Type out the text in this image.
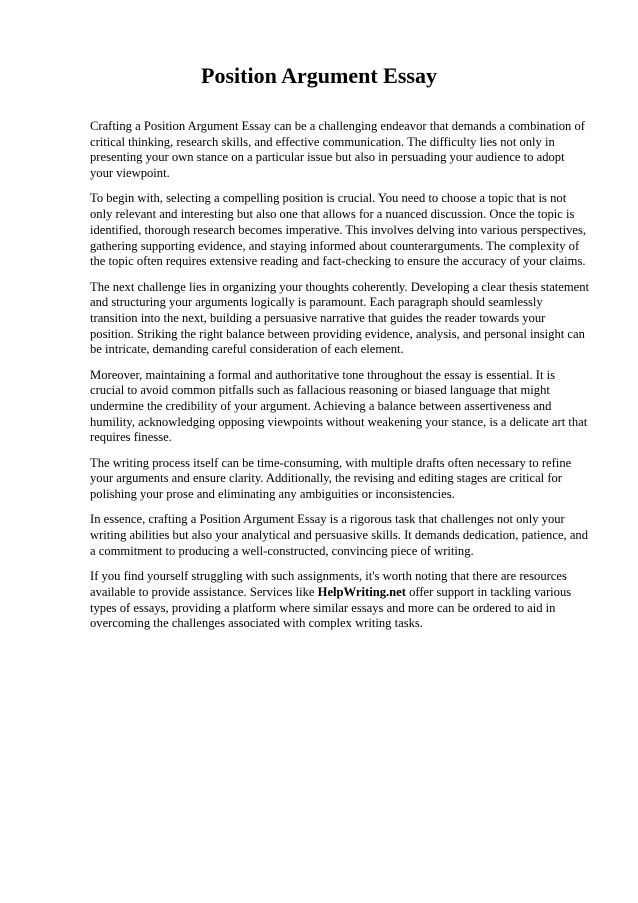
Position Argument Essay

Crafting a Position Argument Essay can be a challenging endeavor that demands a combination of critical thinking, research skills, and effective communication. The difficulty lies not only in presenting your own stance on a particular issue but also in persuading your audience to adopt your viewpoint.

To begin with, selecting a compelling position is crucial. You need to choose a topic that is not only relevant and interesting but also one that allows for a nuanced discussion. Once the topic is identified, thorough research becomes imperative. This involves delving into various perspectives, gathering supporting evidence, and staying informed about counterarguments. The complexity of the topic often requires extensive reading and fact-checking to ensure the accuracy of your claims.

The next challenge lies in organizing your thoughts coherently. Developing a clear thesis statement and structuring your arguments logically is paramount. Each paragraph should seamlessly transition into the next, building a persuasive narrative that guides the reader towards your position. Striking the right balance between providing evidence, analysis, and personal insight can be intricate, demanding careful consideration of each element.

Moreover, maintaining a formal and authoritative tone throughout the essay is essential. It is crucial to avoid common pitfalls such as fallacious reasoning or biased language that might undermine the credibility of your argument. Achieving a balance between assertiveness and humility, acknowledging opposing viewpoints without weakening your stance, is a delicate art that requires finesse.

The writing process itself can be time-consuming, with multiple drafts often necessary to refine your arguments and ensure clarity. Additionally, the revising and editing stages are critical for polishing your prose and eliminating any ambiguities or inconsistencies.

In essence, crafting a Position Argument Essay is a rigorous task that challenges not only your writing abilities but also your analytical and persuasive skills. It demands dedication, patience, and a commitment to producing a well-constructed, convincing piece of writing.

If you find yourself struggling with such assignments, it's worth noting that there are resources available to provide assistance. Services like HelpWriting.net offer support in tackling various types of essays, providing a platform where similar essays and more can be ordered to aid in overcoming the challenges associated with complex writing tasks.
